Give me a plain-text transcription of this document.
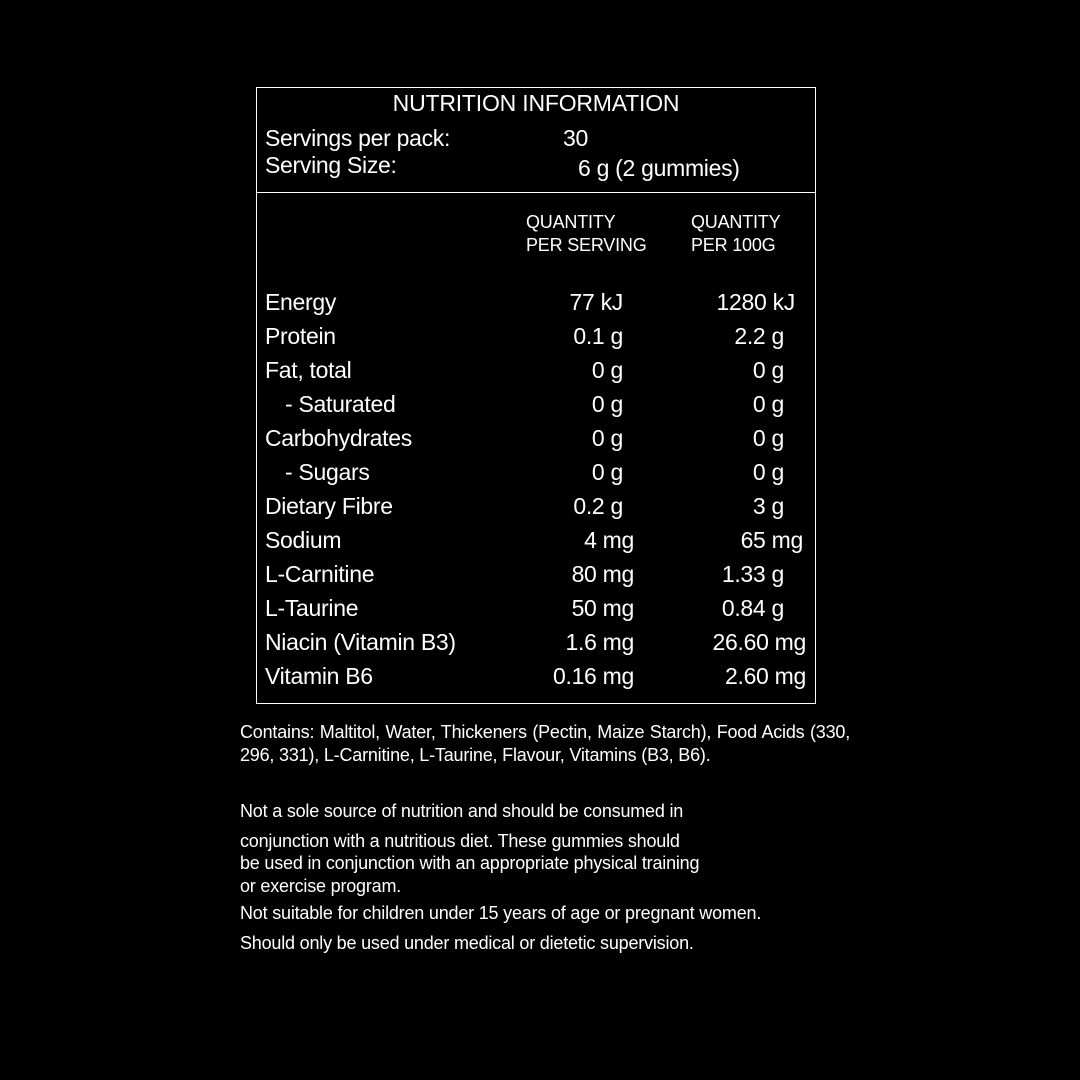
NUTRITION INFORMATION
Servings per pack:	30
Serving Size:	6 g (2 gummies)
QUANTITY
PER SERVING
QUANTITY
PER 100G
Energy	77 kJ	1280 kJ
Protein	0.1 g	2.2 g
Fat, total	0 g	0 g
- Saturated	0 g	0 g
Carbohydrates	0 g	0 g
- Sugars	0 g	0 g
Dietary Fibre	0.2 g	3 g
Sodium	4 mg	65 mg
L-Carnitine	80 mg	1.33 g
L-Taurine	50 mg	0.84 g
Niacin (Vitamin B3)	1.6 mg	26.60 mg
Vitamin B6	0.16 mg	2.60 mg
Contains: Maltitol, Water, Thickeners (Pectin, Maize Starch), Food Acids (330, 296, 331), L-Carnitine, L-Taurine, Flavour, Vitamins (B3, B6).
Not a sole source of nutrition and should be consumed in
conjunction with a nutritious diet. These gummies should
be used in conjunction with an appropriate physical training
or exercise program.
Not suitable for children under 15 years of age or pregnant women.
Should only be used under medical or dietetic supervision.
